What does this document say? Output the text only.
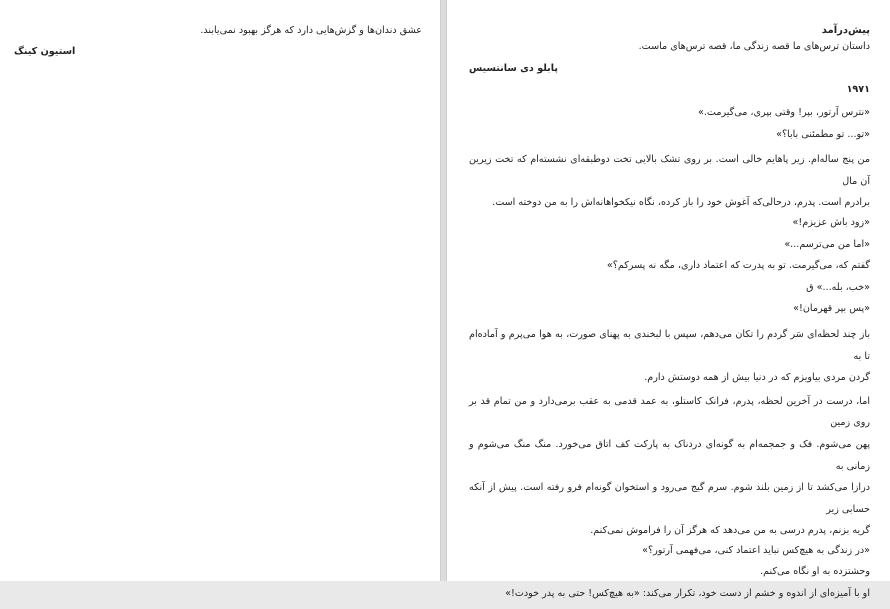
عشق دندان‌ها و گزش‌هایی دارد که هرگز بهبود نمی‌یابند.

استیون کینگ

پیش‌درآمد

داستان ترس‌های ما قصه زندگی ما، قصه ترس‌های ماست.

پابلو دی سانتسیس

۱۹۷۱

«نترس آرتور، بپر! وقتی بپری‌، می‌گیرمت.»

«تو... تو مطمئنی بابا؟»

من پنج ساله‌ام. زیر پاهایم خالی است. بر روی تشک بالایی تخت دوطبقه‌ای نشسته‌ام که تخت زیرین آن مال

برادرم است. پدرم، درحالی‌که آغوش خود را باز کرده، نگاه نیکخواهانه‌اش را به من دوخته است.

«زود باش عزیزم!»

«اما من می‌ترسم...»

گفتم که، می‌گیرمت. تو به پدرت که اعتماد داری، مگه نه پسرکم؟»

«خب، بله...» ق

«پس بپر قهرمان!»

باز چند لحظه‌ای سَر گردم را تکان می‌دهم، سپس با لبخندی به پهنای صورت، به هوا می‌پرم و آماده‌ام تا به

گردن مردی بیاویزم که در دنیا بیش از همه دوستش دارم.

اما، درست در آخرین لحظه، پدرم، فرانک کاستلو، به عمد قدمی به عقب برمی‌دارد و من تمام قد بر روی زمین

پهن می‌شوم. فک و جمجمه‌ام به گونه‌ای دردناک به پارکت کف اتاق می‌خورد. منگ منگ می‌شوم و زمانی به

درازا می‌کشد تا از زمین بلند شوم. سرم گیج می‌رود و استخوان گونه‌ام فرو رفته است. پیش از آنکه حسابی زیر

گریه بزنم، پدرم درسی به من می‌دهد که هرگز آن را فراموش نمی‌کنم.

«در زندگی به هیچ‌کس نباید اعتماد کنی، می‌فهمی آرتور؟»

وحشتزده به او نگاه می‌کنم.

او با آمیزه‌ای از اندوه و خشم از دست خود، تکرار می‌کند: «به هیچ‌کس! حتی به پدر خودت!»
